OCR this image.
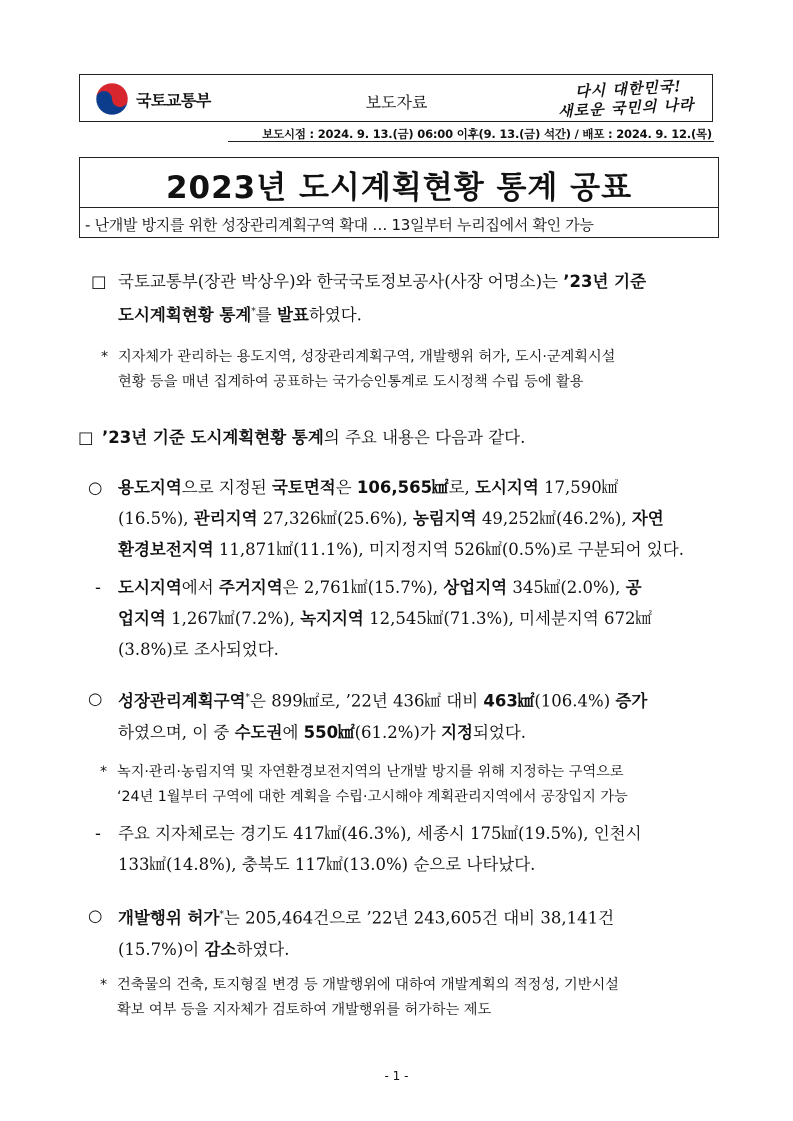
국토교통부	보도자료
다시 대한민국!
새로운 국민의 나라
보도시점 : 2024. 9. 13.(금) 06:00 이후(9. 13.(금) 석간) / 배포 : 2024. 9. 12.(목)
2023년 도시계획현황 통계 공표
- 난개발 방지를 위한 성장관리계획구역 확대 … 13일부터 누리집에서 확인 가능
□ 국토교통부(장관 박상우)와 한국국토정보공사(사장 어명소)는 ’23년 기준
도시계획현황 통계*를 발표하였다.
* 지자체가 관리하는 용도지역, 성장관리계획구역, 개발행위 허가, 도시·군계획시설
현황 등을 매년 집계하여 공표하는 국가승인통계로 도시정책 수립 등에 활용
□ ’23년 기준 도시계획현황 통계의 주요 내용은 다음과 같다.
○ 용도지역으로 지정된 국토면적은 106,565㎢로, 도시지역 17,590㎢
(16.5%), 관리지역 27,326㎢(25.6%), 농림지역 49,252㎢(46.2%), 자연
환경보전지역 11,871㎢(11.1%), 미지정지역 526㎢(0.5%)로 구분되어 있다.
- 도시지역에서 주거지역은 2,761㎢(15.7%), 상업지역 345㎢(2.0%), 공
업지역 1,267㎢(7.2%), 녹지지역 12,545㎢(71.3%), 미세분지역 672㎢
(3.8%)로 조사되었다.
○ 성장관리계획구역*은 899㎢로, ’22년 436㎢ 대비 463㎢(106.4%) 증가
하였으며, 이 중 수도권에 550㎢(61.2%)가 지정되었다.
* 녹지·관리·농림지역 및 자연환경보전지역의 난개발 방지를 위해 지정하는 구역으로
‘24년 1월부터 구역에 대한 계획을 수립·고시해야 계획관리지역에서 공장입지 가능
- 주요 지자체로는 경기도 417㎢(46.3%), 세종시 175㎢(19.5%), 인천시
133㎢(14.8%), 충북도 117㎢(13.0%) 순으로 나타났다.
○ 개발행위 허가*는 205,464건으로 ’22년 243,605건 대비 38,141건
(15.7%)이 감소하였다.
* 건축물의 건축, 토지형질 변경 등 개발행위에 대하여 개발계획의 적정성, 기반시설
확보 여부 등을 지자체가 검토하여 개발행위를 허가하는 제도
- 1 -
